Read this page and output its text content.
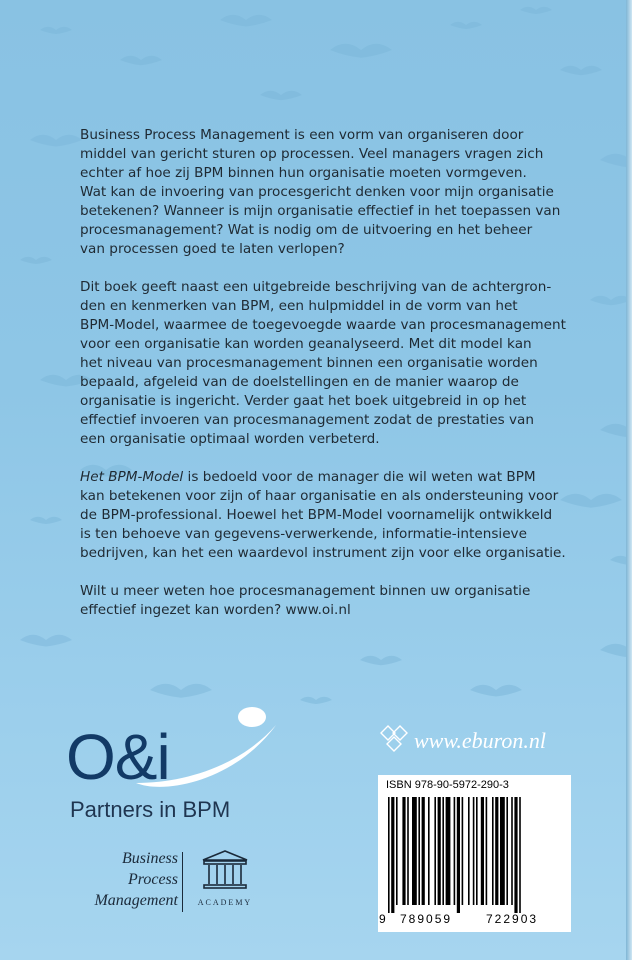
Business Process Management is een vorm van organiseren door
middel van gericht sturen op processen. Veel managers vragen zich
echter af hoe zij BPM binnen hun organisatie moeten vormgeven.
Wat kan de invoering van procesgericht denken voor mijn organisatie
betekenen? Wanneer is mijn organisatie effectief in het toepassen van
procesmanagement? Wat is nodig om de uitvoering en het beheer
van processen goed te laten verlopen?

Dit boek geeft naast een uitgebreide beschrijving van de achtergron-
den en kenmerken van BPM, een hulpmiddel in de vorm van het
BPM-Model, waarmee de toegevoegde waarde van procesmanagement
voor een organisatie kan worden geanalyseerd. Met dit model kan
het niveau van procesmanagement binnen een organisatie worden
bepaald, afgeleid van de doelstellingen en de manier waarop de
organisatie is ingericht. Verder gaat het boek uitgebreid in op het
effectief invoeren van procesmanagement zodat de prestaties van
een organisatie optimaal worden verbeterd.

Het BPM-Model is bedoeld voor de manager die wil weten wat BPM
kan betekenen voor zijn of haar organisatie en als ondersteuning voor
de BPM-professional. Hoewel het BPM-Model voornamelijk ontwikkeld
is ten behoeve van gegevens-verwerkende, informatie-intensieve
bedrijven, kan het een waardevol instrument zijn voor elke organisatie.

Wilt u meer weten hoe procesmanagement binnen uw organisatie
effectief ingezet kan worden? www.oi.nl

O&i
Partners in BPM
Business
Process
Management	ACADEMY
www.eburon.nl
ISBN 978-90-5972-290-3
9 789059	722903
